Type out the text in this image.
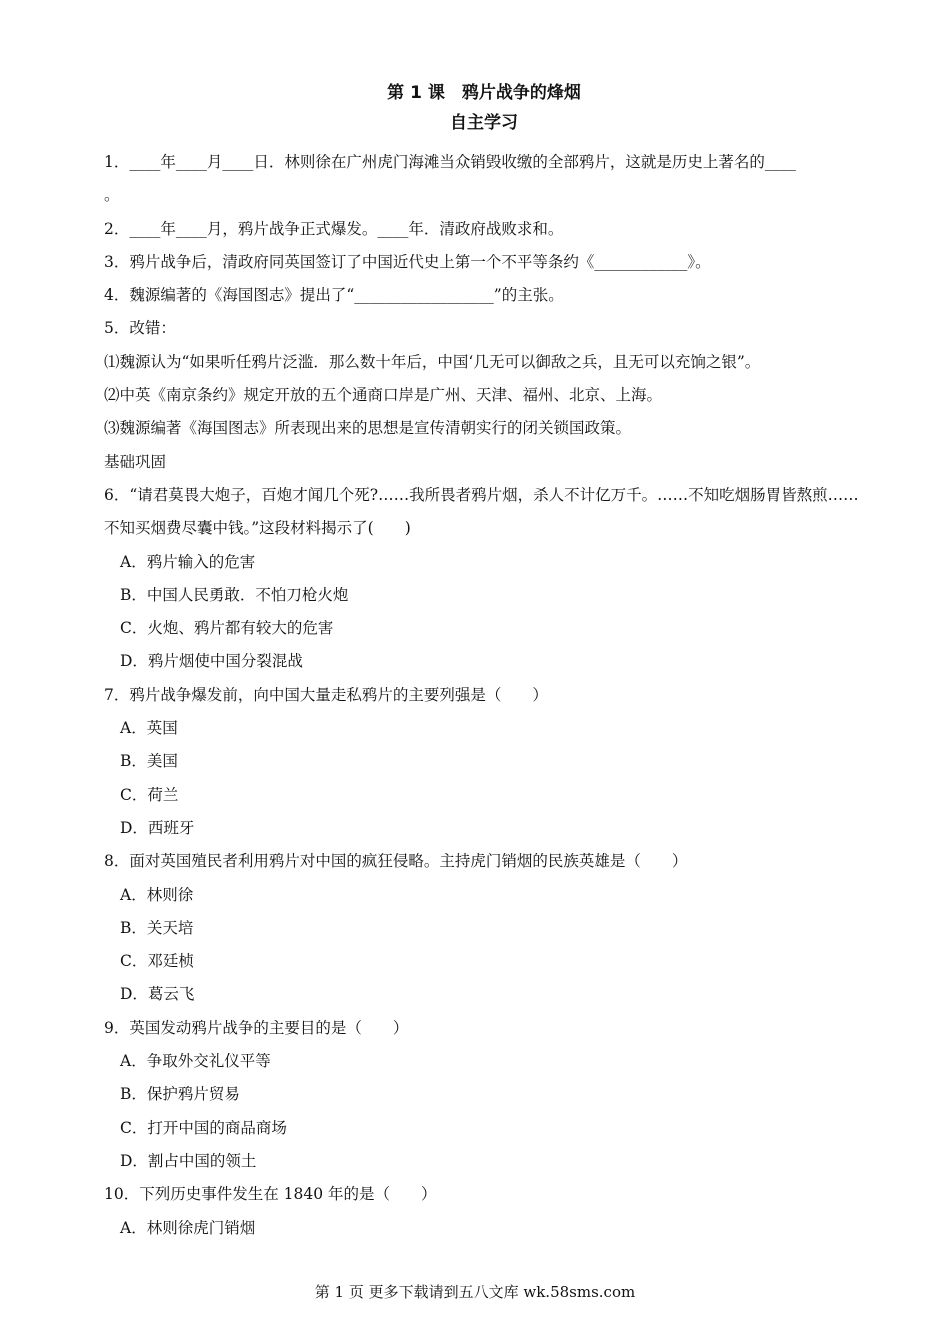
第 1 课　鸦片战争的烽烟
自主学习
1．____年____月____日．林则徐在广州虎门海滩当众销毁收缴的全部鸦片，这就是历史上著名的____
。
2．____年____月，鸦片战争正式爆发。____年．清政府战败求和。
3．鸦片战争后，清政府同英国签订了中国近代史上第一个不平等条约《____________》。
4．魏源编著的《海国图志》提出了“__________________”的主张。
5．改错：
⑴魏源认为“如果听任鸦片泛滥．那么数十年后，中国‘几无可以御敌之兵，且无可以充饷之银”。
⑵中英《南京条约》规定开放的五个通商口岸是广州、天津、福州、北京、上海。
⑶魏源编著《海国图志》所表现出来的思想是宣传清朝实行的闭关锁国政策。
基础巩固
6．“请君莫畏大炮子，百炮才闻几个死?……我所畏者鸦片烟，杀人不计亿万千。……不知吃烟肠胃皆熬煎……不知买烟费尽囊中钱。”这段材料揭示了(　　)
A．鸦片输入的危害
B．中国人民勇敢．不怕刀枪火炮
C．火炮、鸦片都有较大的危害
D．鸦片烟使中国分裂混战
7．鸦片战争爆发前，向中国大量走私鸦片的主要列强是（　　）
A．英国
B．美国
C．荷兰
D．西班牙
8．面对英国殖民者利用鸦片对中国的疯狂侵略。主持虎门销烟的民族英雄是（　　）
A．林则徐
B．关天培
C．邓廷桢
D．葛云飞
9．英国发动鸦片战争的主要目的是（　　）
A．争取外交礼仪平等
B．保护鸦片贸易
C．打开中国的商品商场
D．割占中国的领土
10．下列历史事件发生在 1840 年的是（　　）
A．林则徐虎门销烟
第 1 页 更多下载请到五八文库 wk.58sms.com
